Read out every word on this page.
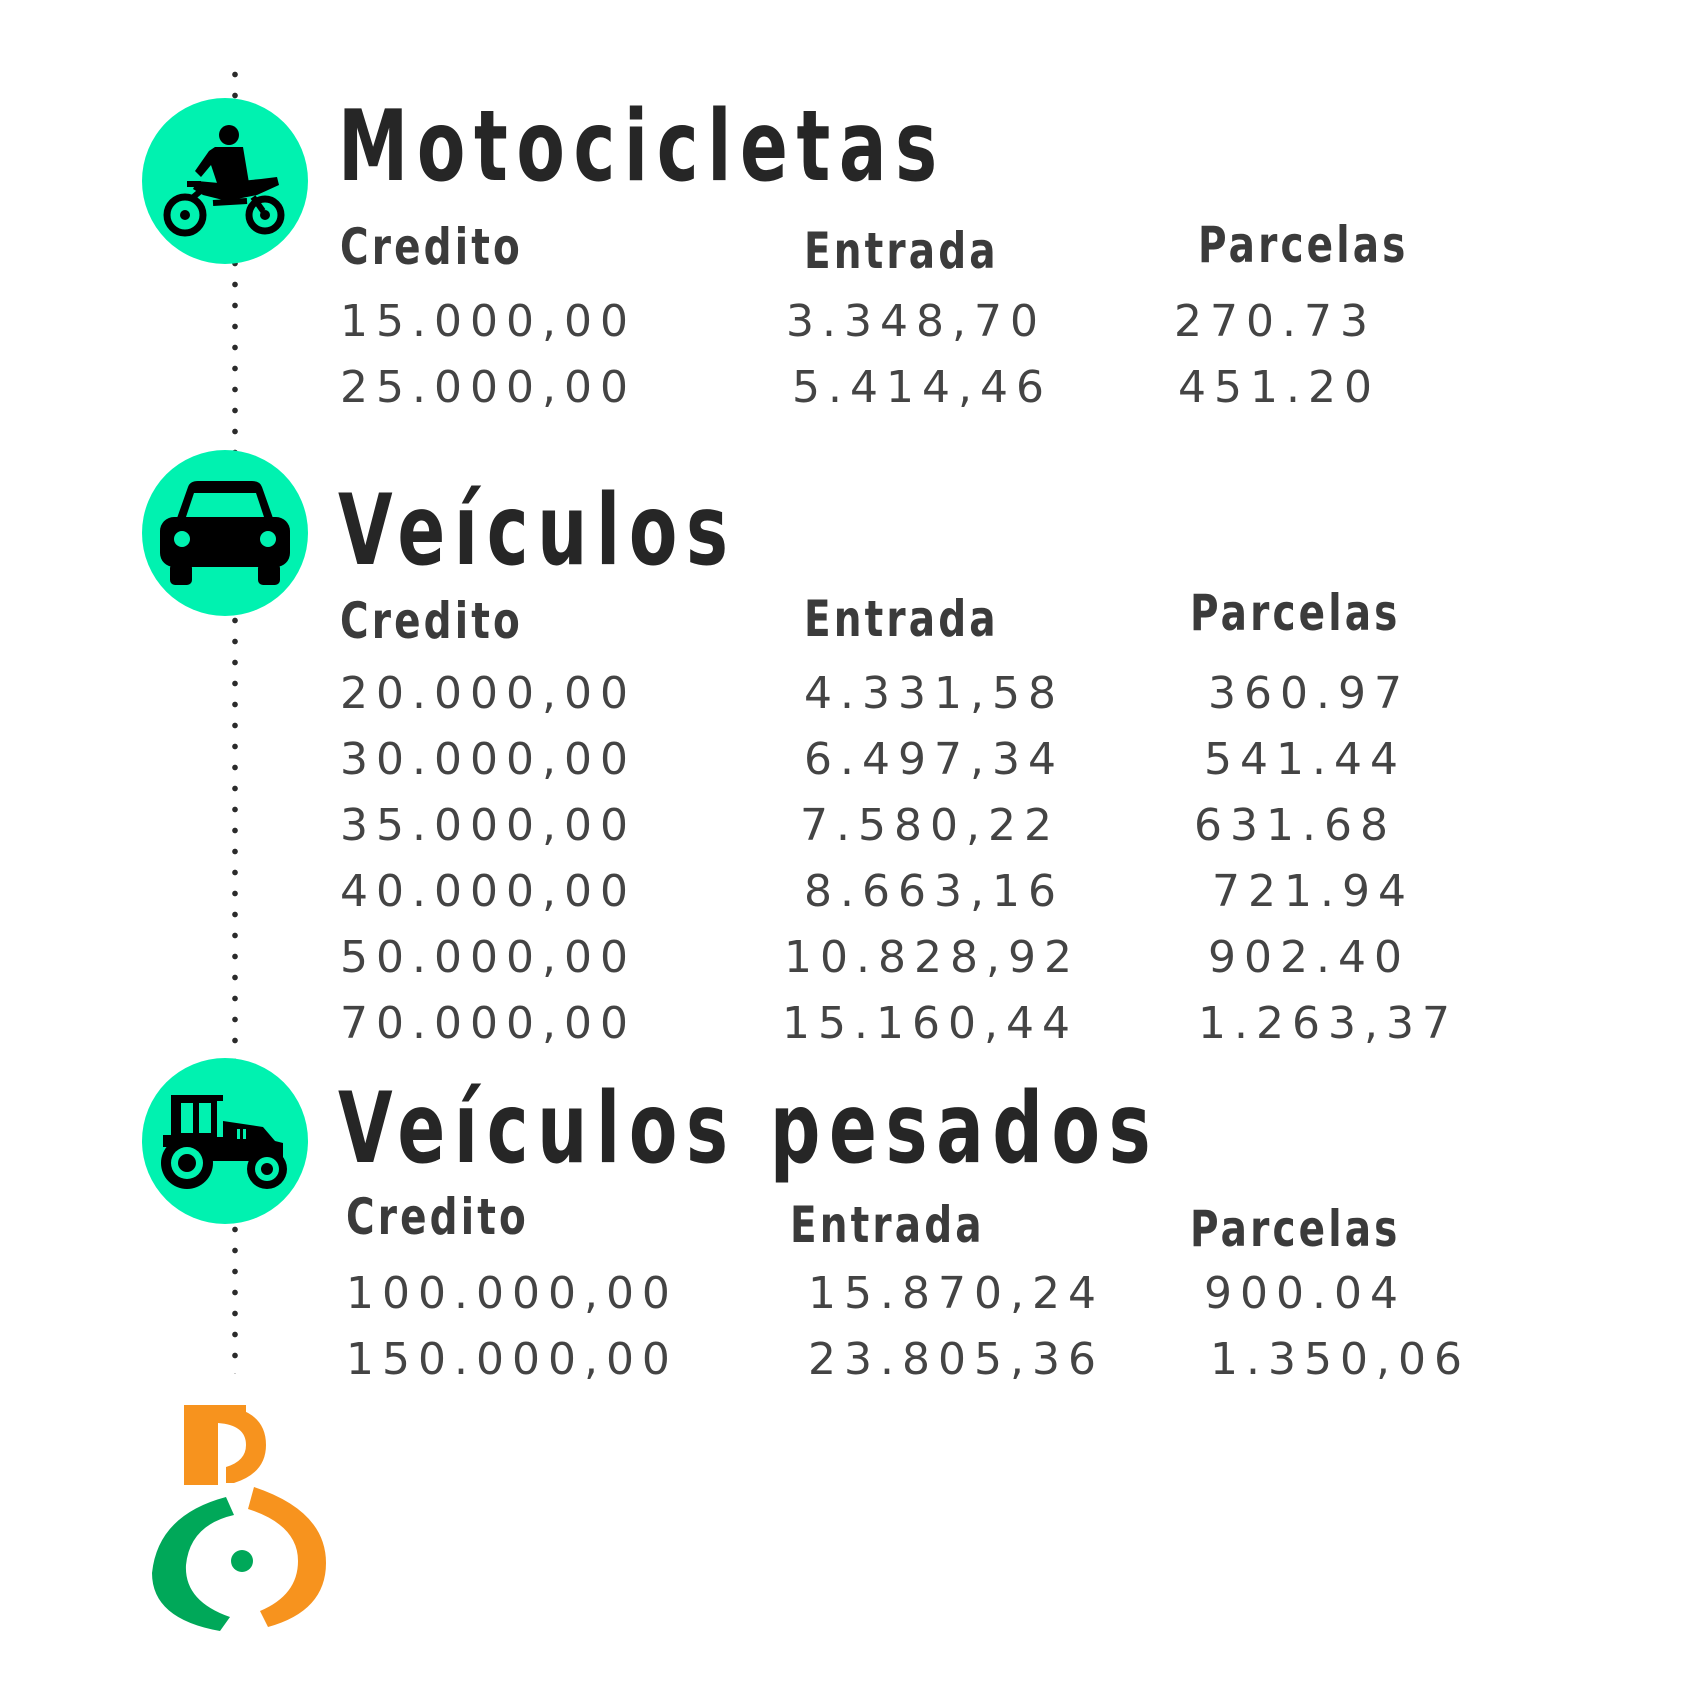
Motocicletas
Credito	Entrada	Parcelas
15.000,00	3.348,70	270.73
25.000,00	5.414,46	451.20
Veículos
Credito	Entrada	Parcelas
20.000,00	4.331,58	360.97
30.000,00	6.497,34	541.44
35.000,00	7.580,22	631.68
40.000,00	8.663,16	721.94
50.000,00	10.828,92	902.40
70.000,00	15.160,44	1.263,37
Veículos pesados
Credito	Entrada	Parcelas
100.000,00	15.870,24 900.04
150.000,00	23.805,36 1.350,06
